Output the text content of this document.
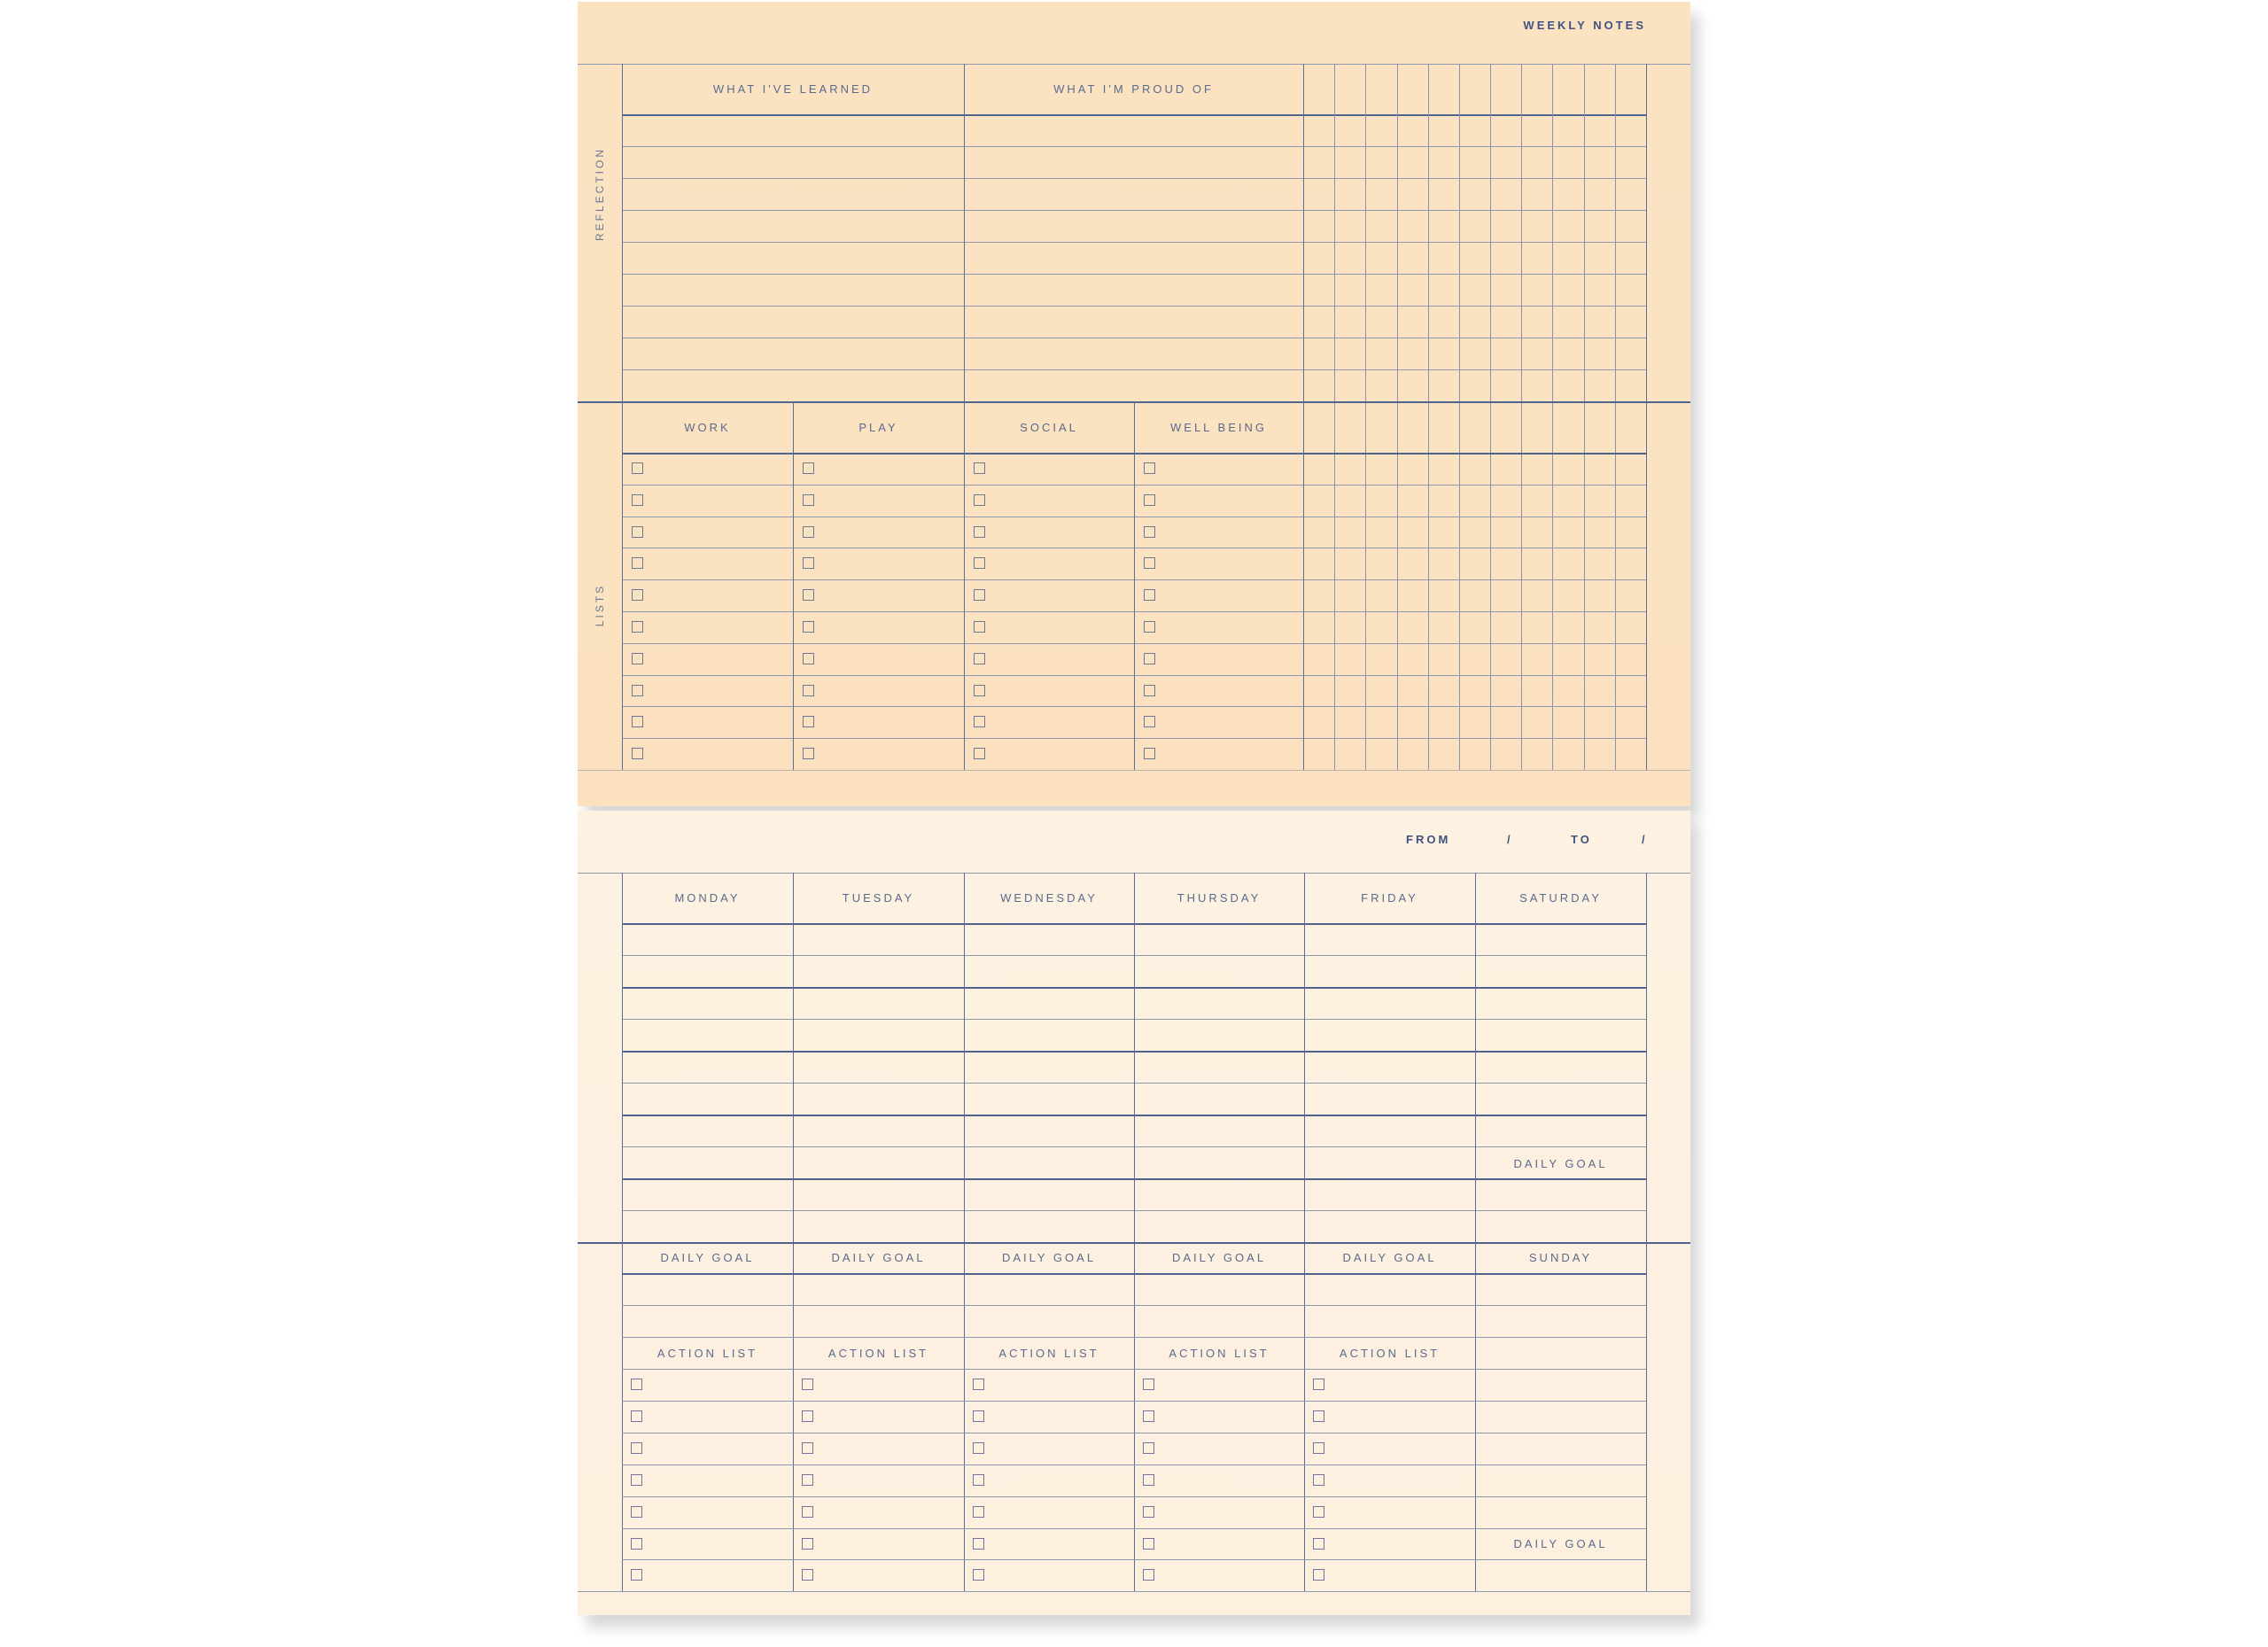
WEEKLY NOTES
REFLECTION
WHAT I'VE LEARNED	WHAT I'M PROUD OF
LISTS
WORK	PLAY	SOCIAL	WELL BEING
FROM	/	TO	/
MONDAY	TUESDAY	WEDNESDAY	THURSDAY	FRIDAY	SATURDAY
DAILY GOAL
DAILY GOAL	DAILY GOAL	DAILY GOAL	DAILY GOAL	DAILY GOAL	SUNDAY
ACTION LIST	ACTION LIST	ACTION LIST	ACTION LIST	ACTION LIST
DAILY GOAL
